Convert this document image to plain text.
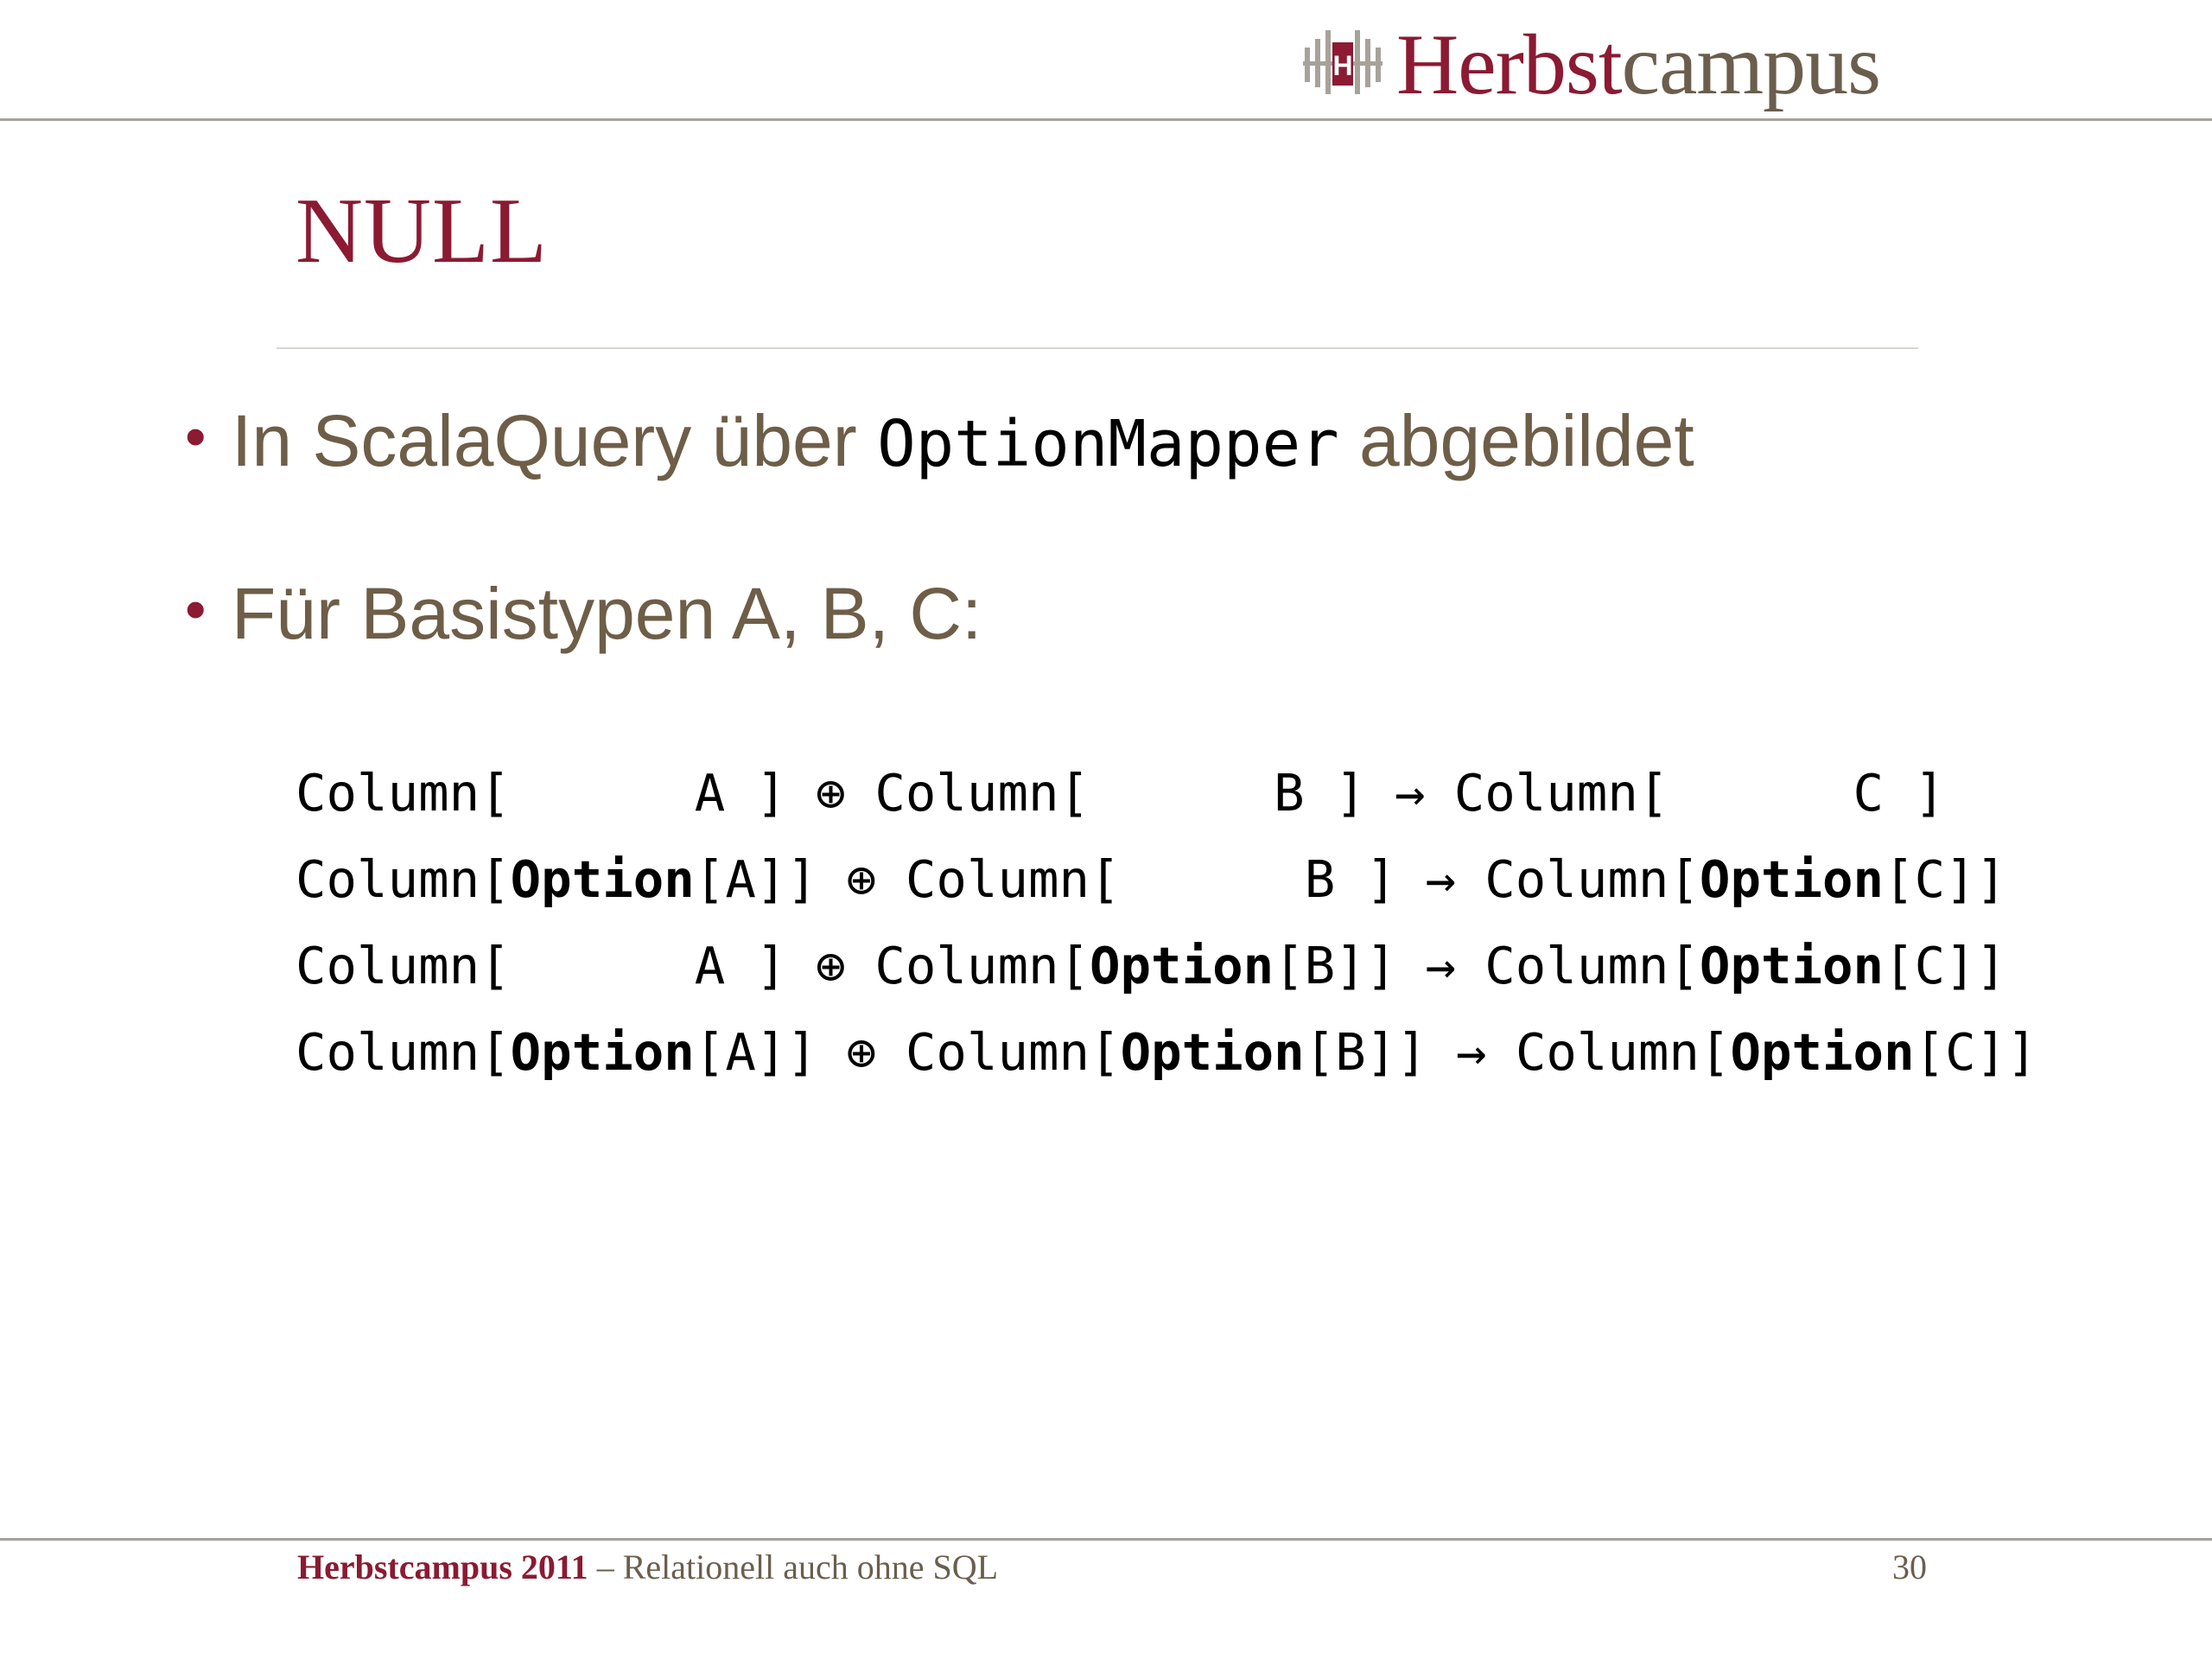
H Herbstcampus
NULL
• In ScalaQuery über OptionMapper abgebildet
• Für Basistypen A, B, C:
Column[      A ] ⊕ Column[      B ] → Column[      C ]
Column[Option[A]] ⊕ Column[      B ] → Column[Option[C]]
Column[      A ] ⊕ Column[Option[B]] → Column[Option[C]]
Column[Option[A]] ⊕ Column[Option[B]] → Column[Option[C]]
Herbstcampus 2011 – Relationell auch ohne SQL	30
